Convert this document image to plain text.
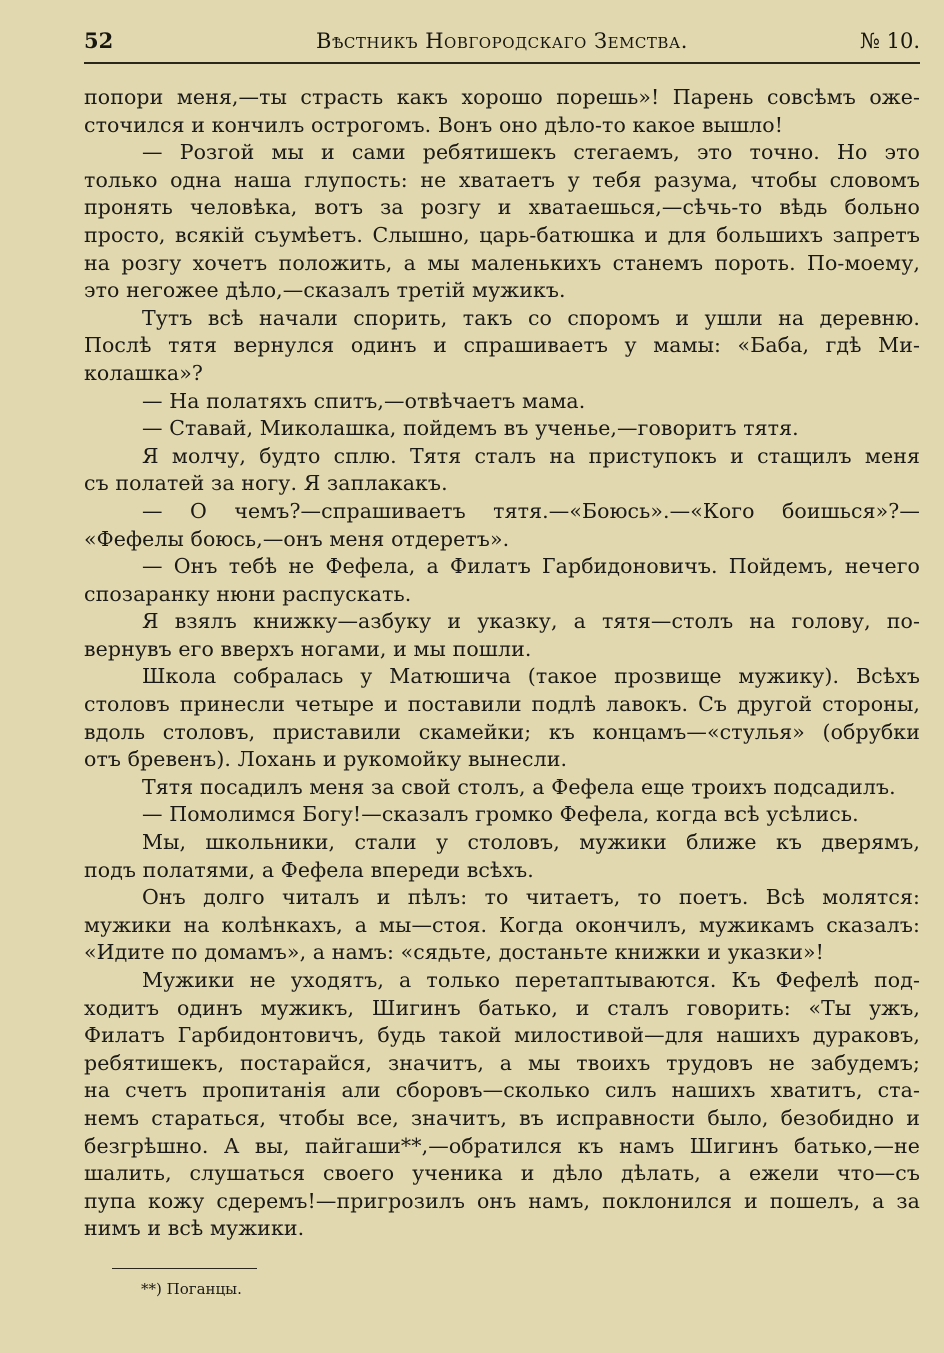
52	Вѣстникъ Новгородскаго Земства.	№ 10.
попори меня,—ты страсть какъ хорошо порешь»! Парень совсѣмъ оже-
сточился и кончилъ острогомъ. Вонъ оно дѣло-то какое вышло!
— Розгой мы и сами ребятишекъ стегаемъ, это точно. Но это
только одна наша глупость: не хватаетъ у тебя разума, чтобы словомъ
пронять человѣка, вотъ за розгу и хватаешься,—сѣчь-то вѣдь больно
просто, всякій съумѣетъ. Слышно, царь-батюшка и для большихъ запретъ
на розгу хочетъ положить, а мы маленькихъ станемъ пороть. По-моему,
это негожее дѣло,—сказалъ третій мужикъ.
Тутъ всѣ начали спорить, такъ со споромъ и ушли на деревню.
Послѣ тятя вернулся одинъ и спрашиваетъ у мамы: «Баба, гдѣ Ми-
колашка»?
— На полатяхъ спитъ,—отвѣчаетъ мама.
— Ставай, Миколашка, пойдемъ въ ученье,—говоритъ тятя.
Я молчу, будто сплю. Тятя сталъ на приступокъ и стащилъ меня
съ полатей за ногу. Я заплакакъ.
— О чемъ?—спрашиваетъ тятя.—«Боюсь».—«Кого боишься»?—
«Фефелы боюсь,—онъ меня отдеретъ».
— Онъ тебѣ не Фефела, а Филатъ Гарбидоновичъ. Пойдемъ, нечего
спозаранку нюни распускать.
Я взялъ книжку—азбуку и указку, а тятя—столъ на голову, по-
вернувъ его вверхъ ногами, и мы пошли.
Школа собралась у Матюшича (такое прозвище мужику). Всѣхъ
столовъ принесли четыре и поставили подлѣ лавокъ. Съ другой стороны,
вдоль столовъ, приставили скамейки; къ концамъ—«стулья» (обрубки
отъ бревенъ). Лохань и рукомойку вынесли.
Тятя посадилъ меня за свой столъ, а Фефела еще троихъ подсадилъ.
— Помолимся Богу!—сказалъ громко Фефела, когда всѣ усѣлись.
Мы, школьники, стали у столовъ, мужики ближе къ дверямъ,
подъ полатями, а Фефела впереди всѣхъ.
Онъ долго читалъ и пѣлъ: то читаетъ, то поетъ. Всѣ молятся:
мужики на колѣнкахъ, а мы—стоя. Когда окончилъ, мужикамъ сказалъ:
«Идите по домамъ», а намъ: «сядьте, достаньте книжки и указки»!
Мужики не уходятъ, а только перетаптываются. Къ Фефелѣ под-
ходитъ одинъ мужикъ, Шигинъ батько, и сталъ говорить: «Ты ужъ,
Филатъ Гарбидонтовичъ, будь такой милостивой—для нашихъ дураковъ,
ребятишекъ, постарайся, значитъ, а мы твоихъ трудовъ не забудемъ;
на счетъ пропитанія али сборовъ—сколько силъ нашихъ хватитъ, ста-
немъ стараться, чтобы все, значитъ, въ исправности было, безобидно и
безгрѣшно. А вы, пайгаши**,—обратился къ намъ Шигинъ батько,—не
шалить, слушаться своего ученика и дѣло дѣлать, а ежели что—съ
пупа кожу сдеремъ!—пригрозилъ онъ намъ, поклонился и пошелъ, а за
нимъ и всѣ мужики.
**) Поганцы.
